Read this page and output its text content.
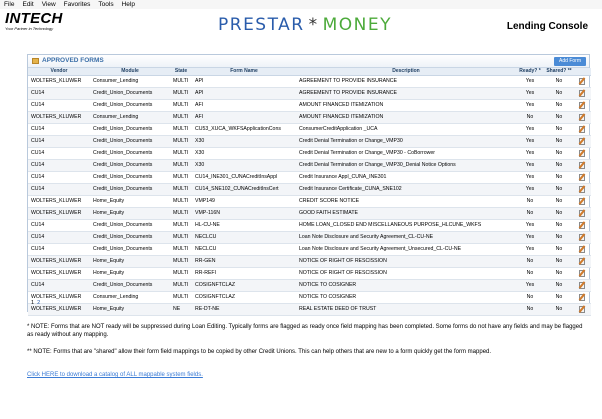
File Edit View Favorites Tools Help
INTECH
Your Partner in Technology	PRESTAR * MONEY	Lending Console
APPROVED FORMS	Add Form
Vendor	Module	State	Form Name	Description	Ready? *	Shared? **	
WOLTERS_KLUWER	Consumer_Lending	MULTI	API	AGREEMENT TO PROVIDE INSURANCE	Yes	No	

CU14	Credit_Union_Documents	MULTI	API	AGREEMENT TO PROVIDE INSURANCE	Yes	No	

CU14	Credit_Union_Documents	MULTI	AFI	AMOUNT FINANCED ITEMIZATION	Yes	No	

WOLTERS_KLUWER	Consumer_Lending	MULTI	AFI	AMOUNT FINANCED ITEMIZATION	No	No	

CU14	Credit_Union_Documents	MULTI	CU53_XUCA_WKFSApplicationCons	ConsumerCreditApplication _UCA	Yes	No	

CU14	Credit_Union_Documents	MULTI	X30	Credit Denial Termination or Change_VMP30	Yes	No	

CU14	Credit_Union_Documents	MULTI	X30	Credit Denial Termination or Change_VMP30 - CoBorrower	Yes	No	

CU14	Credit_Union_Documents	MULTI	X30	Credit Denial Termination or Change_VMP30_Denial Notice Options	Yes	No	

CU14	Credit_Union_Documents	MULTI	CU14_INE301_CUNACreditInsAppl	Credit Insurance Appl_CUNA_INE301	Yes	No	

CU14	Credit_Union_Documents	MULTI	CU14_SNE102_CUNACreditInsCert	Credit Insurance Certificate_CUNA_SNE102	Yes	No	

WOLTERS_KLUWER	Home_Equity	MULTI	VMP149	CREDIT SCORE NOTICE	No	No	

WOLTERS_KLUWER	Home_Equity	MULTI	VMP-116N	GOOD FAITH ESTIMATE	No	No	

CU14	Credit_Union_Documents	MULTI	HL-CU-NE	HOME LOAN_CLOSED END MISCELLANEOUS PURPOSE_HLCUNE_WKFS	Yes	No	

CU14	Credit_Union_Documents	MULTI	NECLCU	Loan Note Disclosure and Security Agreement_CL-CU-NE	Yes	No	

CU14	Credit_Union_Documents	MULTI	NECLCU	Loan Note Disclosure and Security Agreement_Unsecured_CL-CU-NE	Yes	No	

WOLTERS_KLUWER	Home_Equity	MULTI	RR-GEN	NOTICE OF RIGHT OF RESCISSION	No	No	

WOLTERS_KLUWER	Home_Equity	MULTI	RR-REFI	NOTICE OF RIGHT OF RESCISSION	No	No	

CU14	Credit_Union_Documents	MULTI	COSIGNFTCLAZ	NOTICE TO COSIGNER	Yes	No	

WOLTERS_KLUWER	Consumer_Lending	MULTI	COSIGNFTCLAZ	NOTICE TO COSIGNER	No	No	

WOLTERS_KLUWER	Home_Equity	NE	RE-DT-NE	REAL ESTATE DEED OF TRUST	No	No	
1 2
* NOTE: Forms that are NOT ready will be suppressed during Loan Editing. Typically forms are flagged as ready once field mapping has been completed. Some forms do not have any fields and may be flagged as ready without any mapping.
** NOTE: Forms that are "shared" allow their form field mappings to be copied by other Credit Unions. This can help others that are new to a form quickly get the form mapped.
Click HERE to download a catalog of ALL mappable system fields.
